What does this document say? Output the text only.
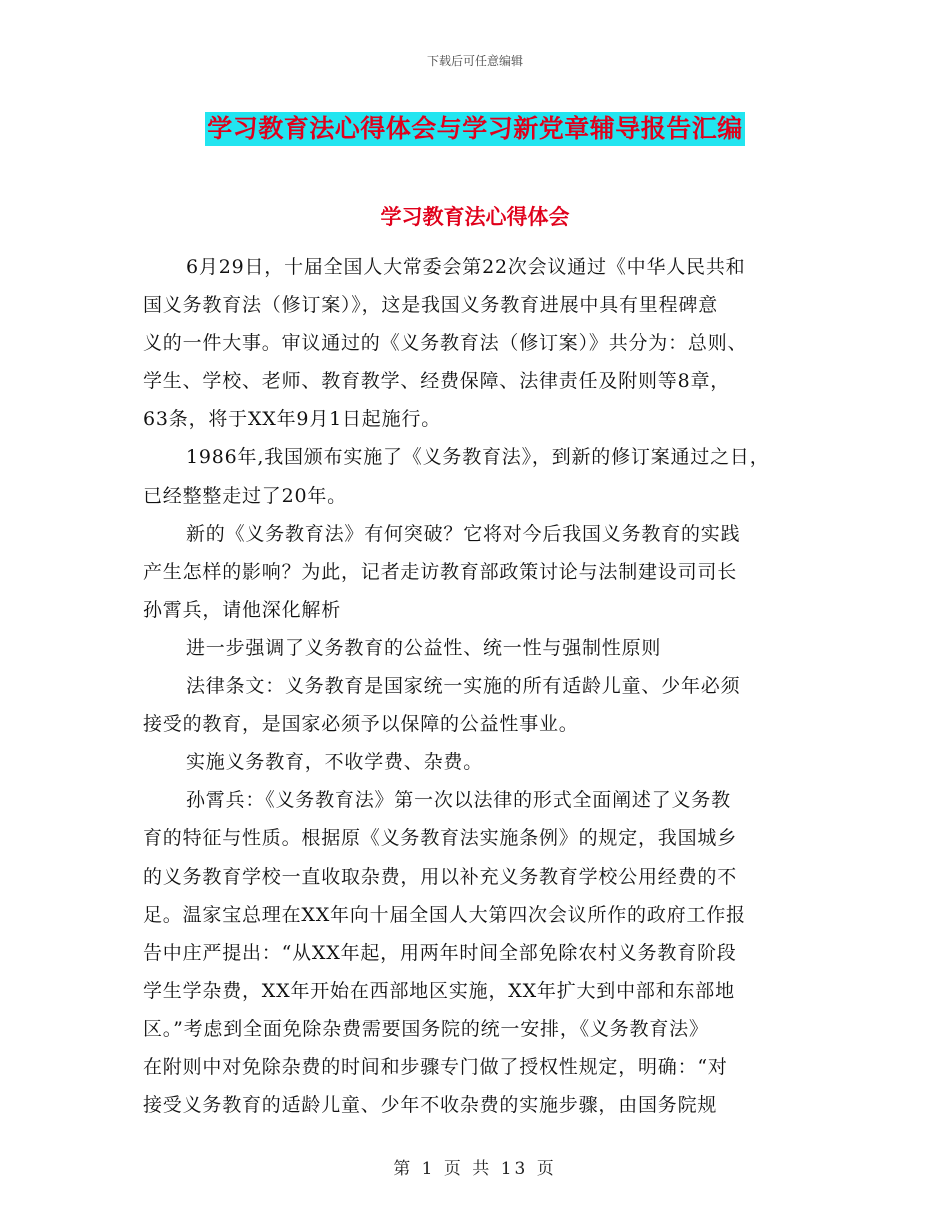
下载后可任意编辑
学习教育法心得体会与学习新党章辅导报告汇编
学习教育法心得体会
6月29日，十届全国人大常委会第22次会议通过《中华人民共和
国义务教育法（修订案）》，这是我国义务教育进展中具有里程碑意
义的一件大事。审议通过的《义务教育法（修订案）》共分为：总则、
学生、学校、老师、教育教学、经费保障、法律责任及附则等8章，
63条，将于XX年9月1日起施行。
1986年,我国颁布实施了《义务教育法》，到新的修订案通过之日，
已经整整走过了20年。
新的《义务教育法》有何突破？它将对今后我国义务教育的实践
产生怎样的影响？为此，记者走访教育部政策讨论与法制建设司司长
孙霄兵，请他深化解析
进一步强调了义务教育的公益性、统一性与强制性原则
法律条文：义务教育是国家统一实施的所有适龄儿童、少年必须
接受的教育，是国家必须予以保障的公益性事业。
实施义务教育，不收学费、杂费。
孙霄兵：《义务教育法》第一次以法律的形式全面阐述了义务教
育的特征与性质。根据原《义务教育法实施条例》的规定，我国城乡
的义务教育学校一直收取杂费，用以补充义务教育学校公用经费的不
足。温家宝总理在XX年向十届全国人大第四次会议所作的政府工作报
告中庄严提出：“从XX年起，用两年时间全部免除农村义务教育阶段
学生学杂费，XX年开始在西部地区实施，XX年扩大到中部和东部地
区。”考虑到全面免除杂费需要国务院的统一安排，《义务教育法》
在附则中对免除杂费的时间和步骤专门做了授权性规定，明确：“对
接受义务教育的适龄儿童、少年不收杂费的实施步骤，由国务院规
第 1 页 共 13 页
